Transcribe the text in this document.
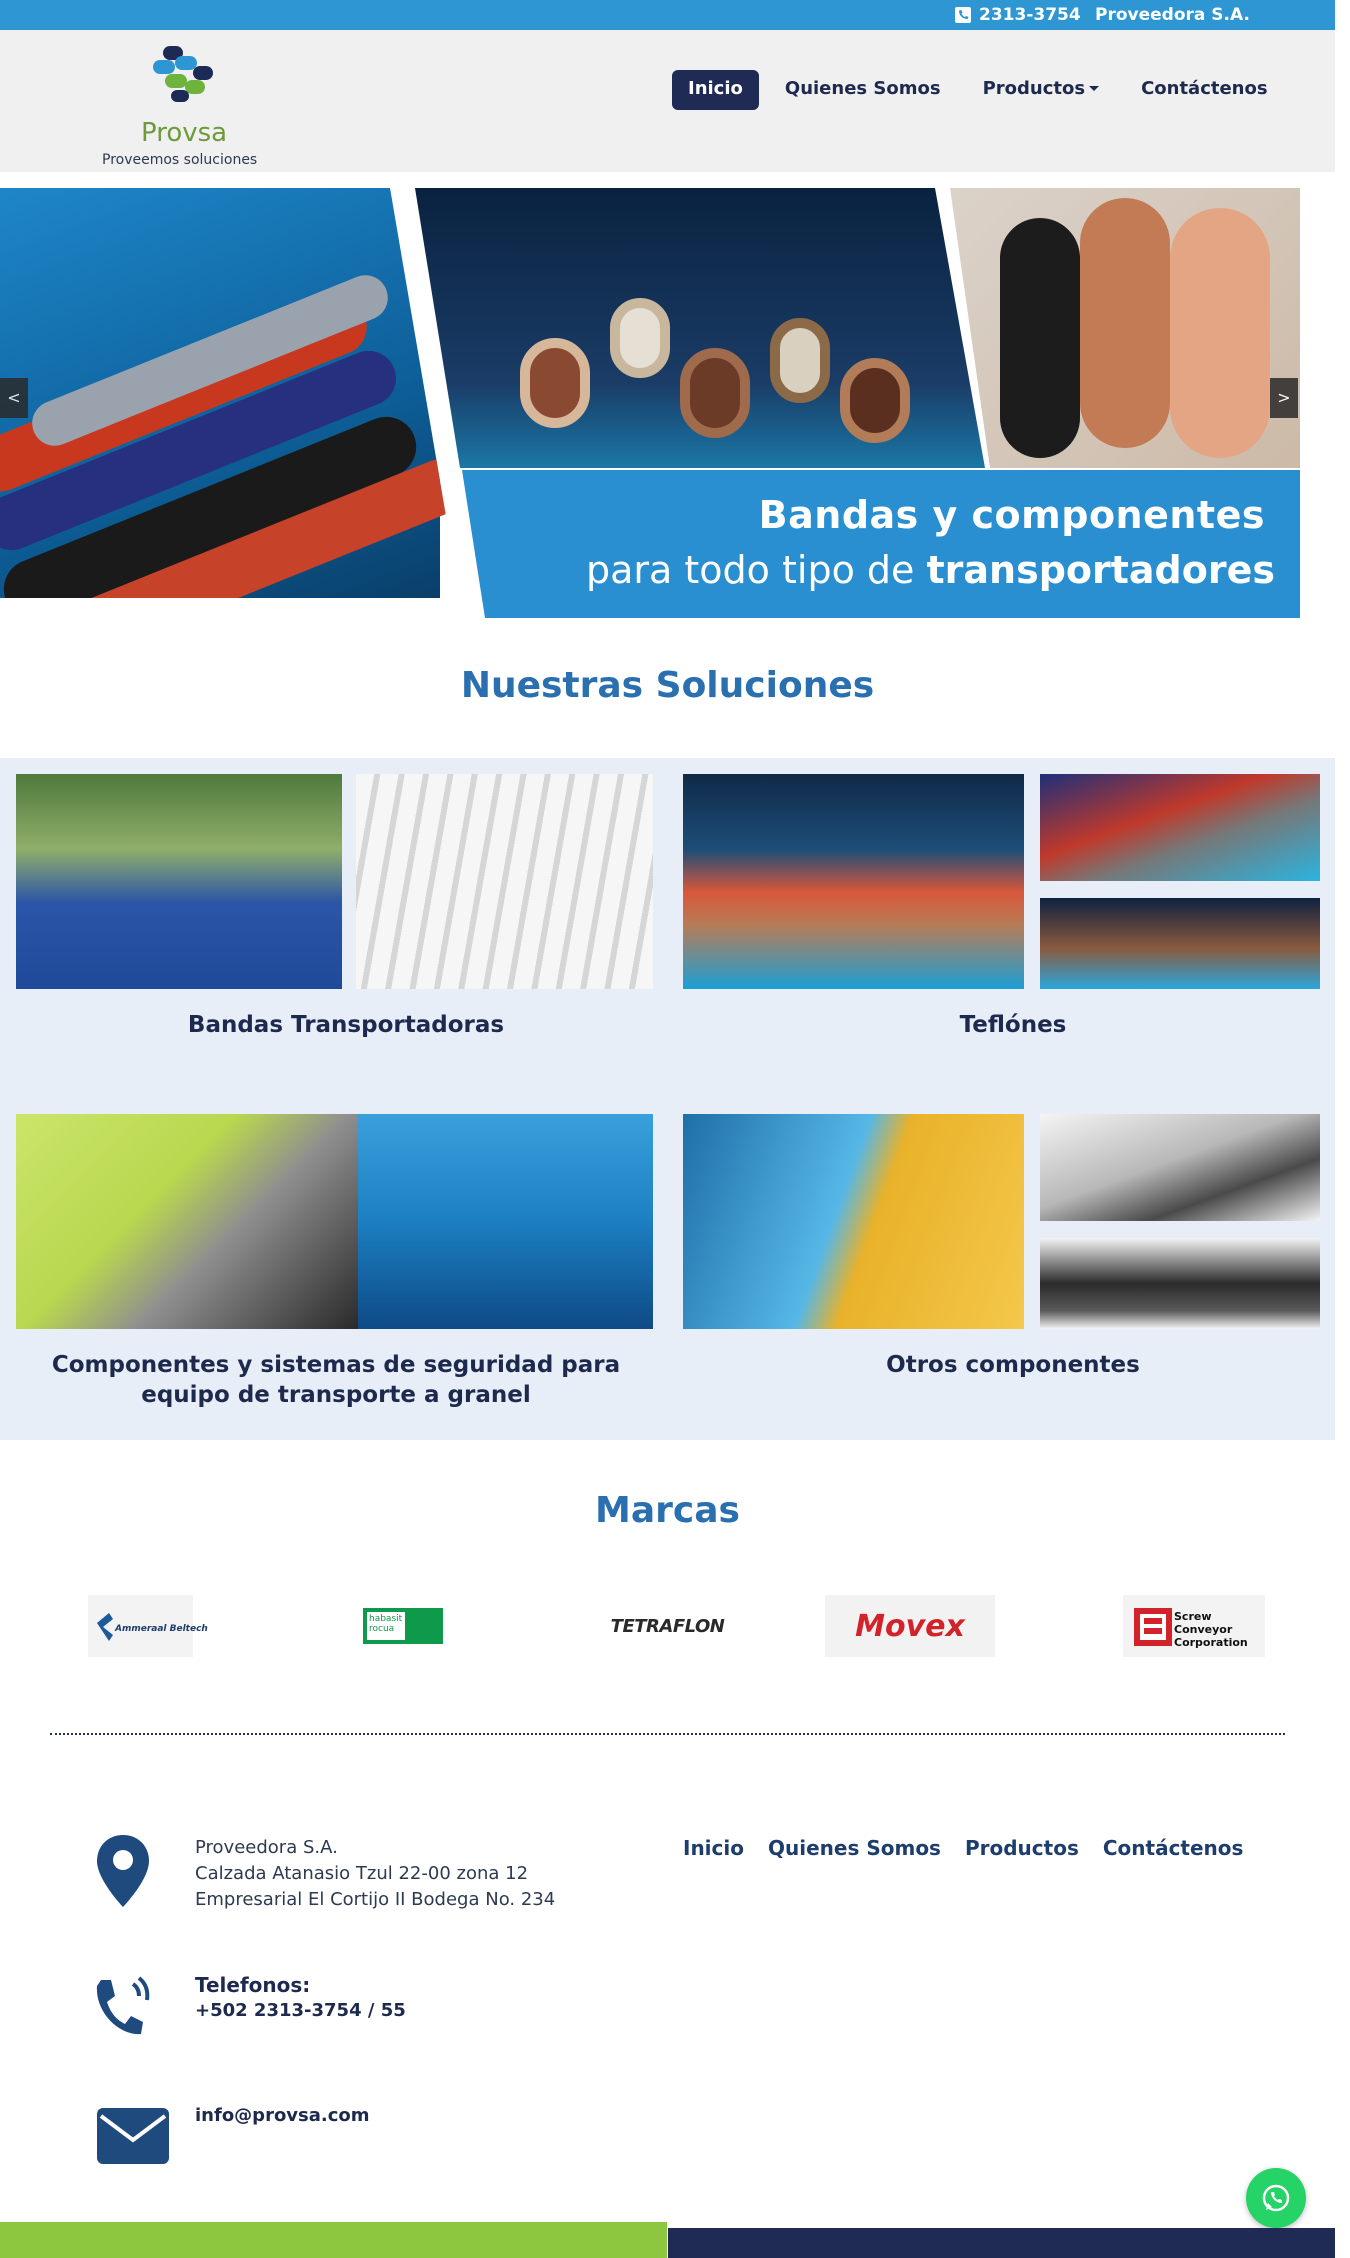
2313-3754 Proveedora S.A.
Provsa
Proveemos soluciones
Inicio	Quienes Somos	Productos	Contáctenos
Bandas y componentes
para todo tipo de transportadores
<	>
Nuestras Soluciones
Bandas Transportadoras	Teflónes
Componentes y sistemas de seguridad para equipo de transporte a granel
Otros componentes
Marcas
Ammeraal Beltech
habasit rocua	TETRAFLON	Movex	Screw Conveyor Corporation
Proveedora S.A.
Calzada Atanasio Tzul 22-00 zona 12
Empresarial El Cortijo II Bodega No. 234
Telefonos:
+502 2313-3754 / 55
info@provsa.com
Inicio Quienes Somos Productos Contáctenos
